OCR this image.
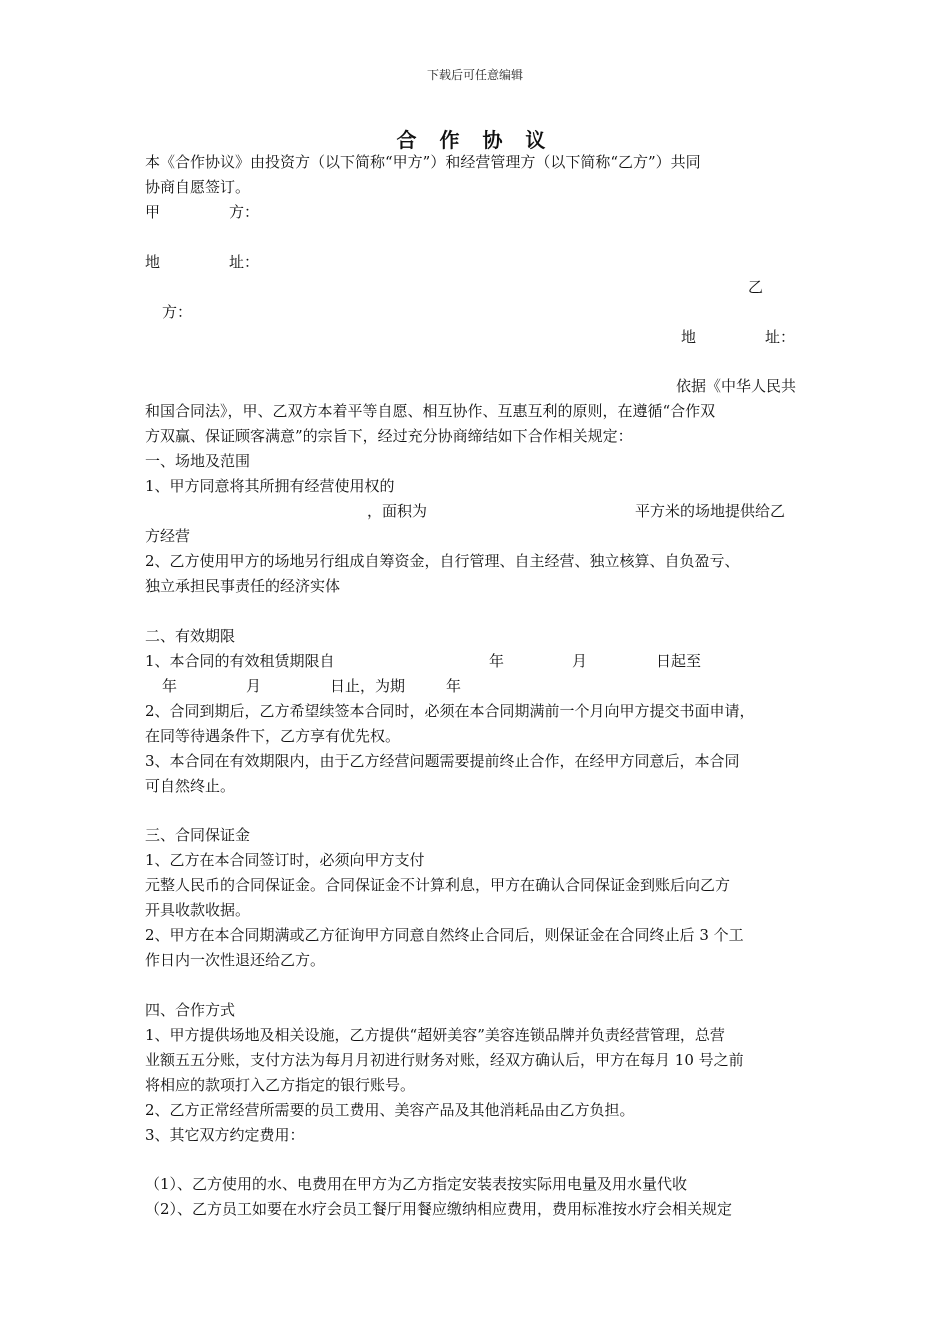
下载后可任意编辑
合 作 协 议
本《合作协议》由投资方（以下简称“甲方”）和经营管理方（以下简称“乙方”）共同
协商自愿签订。
甲	方：
地	址：
乙
方：
地	址：
依据《中华人民共
和国合同法》，甲、乙双方本着平等自愿、相互协作、互惠互利的原则，在遵循“合作双
方双赢、保证顾客满意”的宗旨下，经过充分协商缔结如下合作相关规定：
一、场地及范围
1、甲方同意将其所拥有经营使用权的
，面积为	平方米的场地提供给乙
方经营
2、乙方使用甲方的场地另行组成自筹资金，自行管理、自主经营、独立核算、自负盈亏、
独立承担民事责任的经济实体
二、有效期限
1、本合同的有效租赁期限自	年	月	日起至
年	月	日止，为期	年
2、合同到期后，乙方希望续签本合同时，必须在本合同期满前一个月向甲方提交书面申请，
在同等待遇条件下，乙方享有优先权。
3、本合同在有效期限内，由于乙方经营问题需要提前终止合作，在经甲方同意后，本合同
可自然终止。
三、合同保证金
1、乙方在本合同签订时，必须向甲方支付
元整人民币的合同保证金。合同保证金不计算利息，甲方在确认合同保证金到账后向乙方
开具收款收据。
2、甲方在本合同期满或乙方征询甲方同意自然终止合同后，则保证金在合同终止后 3 个工
作日内一次性退还给乙方。
四、合作方式
1、甲方提供场地及相关设施，乙方提供“超妍美容”美容连锁品牌并负责经营管理，总营
业额五五分账，支付方法为每月月初进行财务对账，经双方确认后，甲方在每月 10 号之前
将相应的款项打入乙方指定的银行账号。
2、乙方正常经营所需要的员工费用、美容产品及其他消耗品由乙方负担。
3、其它双方约定费用：
（1）、乙方使用的水、电费用在甲方为乙方指定安装表按实际用电量及用水量代收
（2）、乙方员工如要在水疗会员工餐厅用餐应缴纳相应费用，费用标准按水疗会相关规定
